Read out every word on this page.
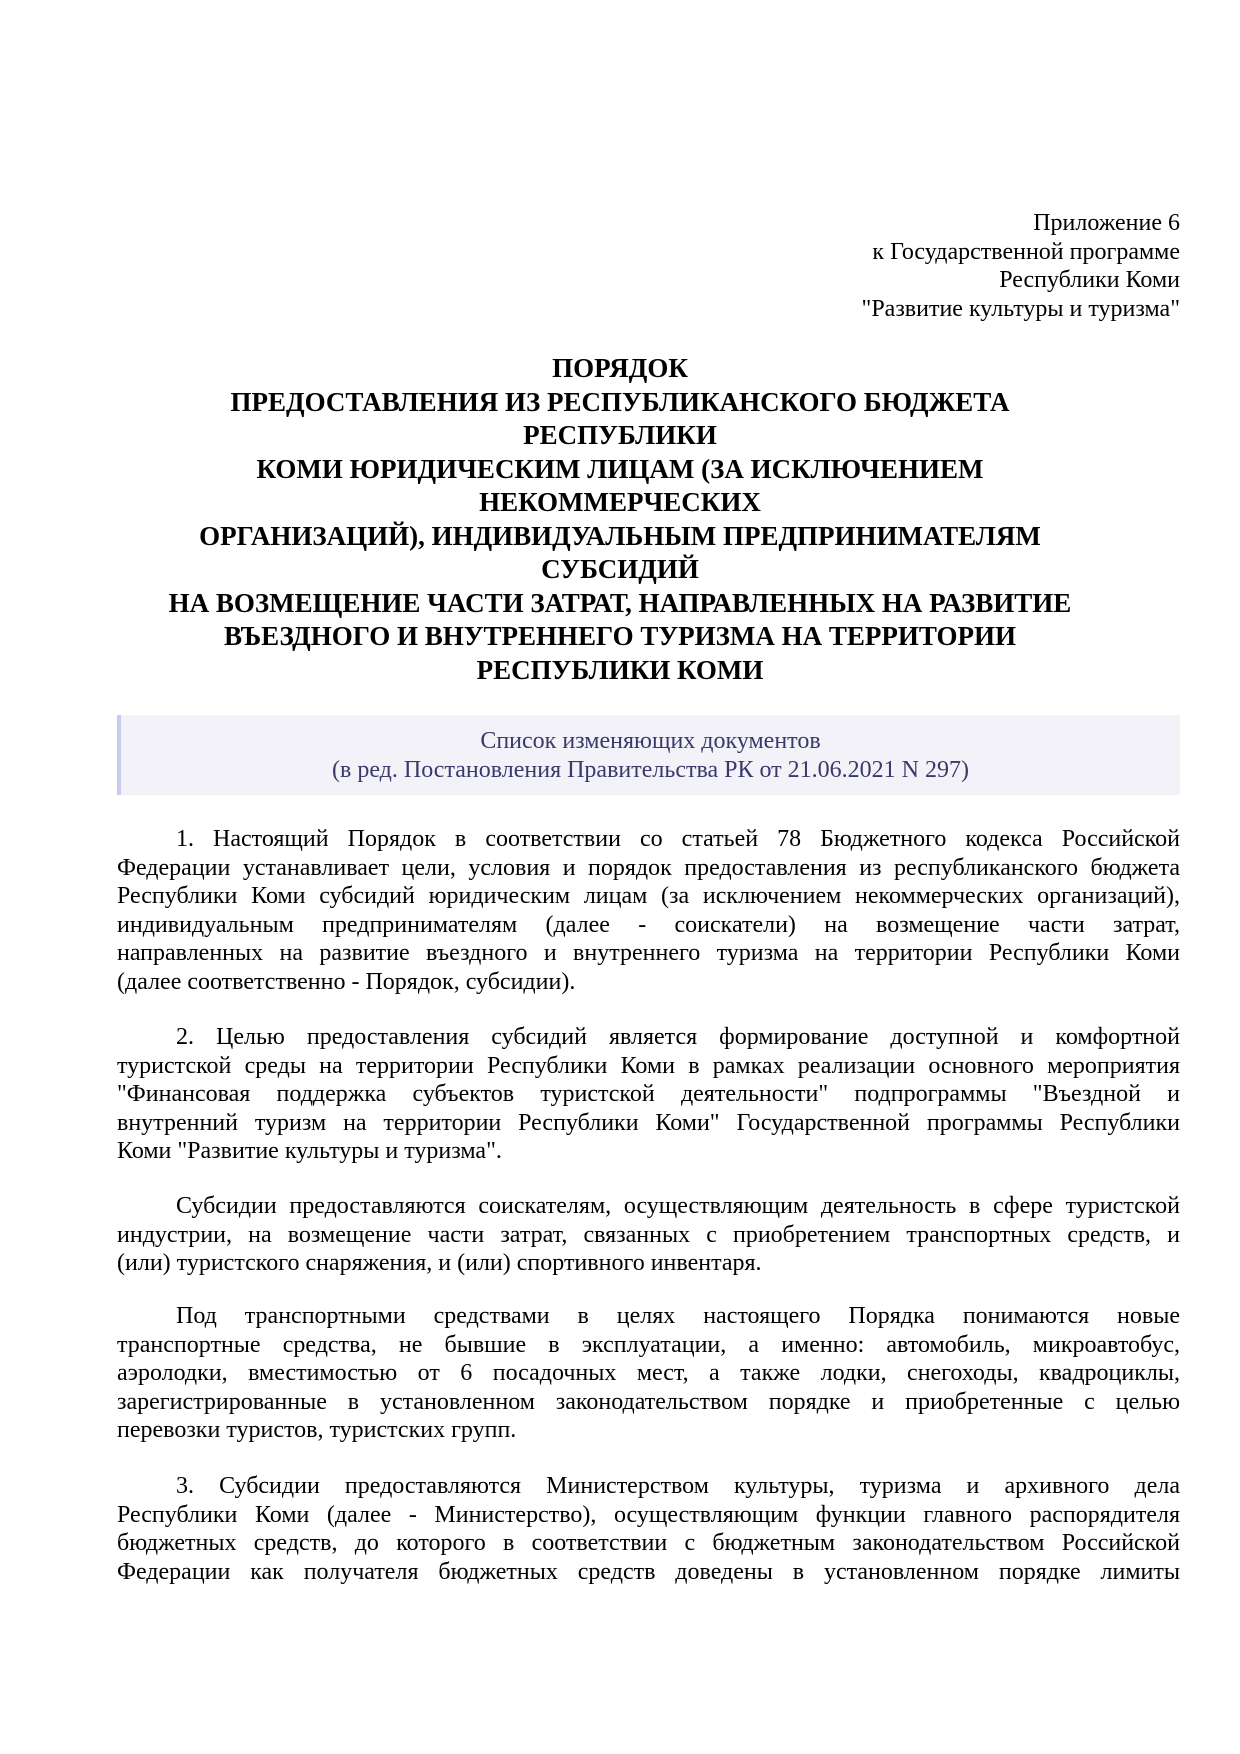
Приложение 6
к Государственной программе
Республики Коми
"Развитие культуры и туризма"
ПОРЯДОК
ПРЕДОСТАВЛЕНИЯ ИЗ РЕСПУБЛИКАНСКОГО БЮДЖЕТА
РЕСПУБЛИКИ
КОМИ ЮРИДИЧЕСКИМ ЛИЦАМ (ЗА ИСКЛЮЧЕНИЕМ
НЕКОММЕРЧЕСКИХ
ОРГАНИЗАЦИЙ), ИНДИВИДУАЛЬНЫМ ПРЕДПРИНИМАТЕЛЯМ
СУБСИДИЙ
НА ВОЗМЕЩЕНИЕ ЧАСТИ ЗАТРАТ, НАПРАВЛЕННЫХ НА РАЗВИТИЕ
ВЪЕЗДНОГО И ВНУТРЕННЕГО ТУРИЗМА НА ТЕРРИТОРИИ
РЕСПУБЛИКИ КОМИ
Список изменяющих документов
(в ред. Постановления Правительства РК от 21.06.2021 N 297)
1. Настоящий Порядок в соответствии со статьей 78 Бюджетного кодекса Российской
Федерации устанавливает цели, условия и порядок предоставления из республиканского бюджета
Республики Коми субсидий юридическим лицам (за исключением некоммерческих организаций),
индивидуальным предпринимателям (далее - соискатели) на возмещение части затрат,
направленных на развитие въездного и внутреннего туризма на территории Республики Коми
(далее соответственно - Порядок, субсидии).
2. Целью предоставления субсидий является формирование доступной и комфортной
туристской среды на территории Республики Коми в рамках реализации основного мероприятия
"Финансовая поддержка субъектов туристской деятельности" подпрограммы "Въездной и
внутренний туризм на территории Республики Коми" Государственной программы Республики
Коми "Развитие культуры и туризма".
Субсидии предоставляются соискателям, осуществляющим деятельность в сфере туристской
индустрии, на возмещение части затрат, связанных с приобретением транспортных средств, и
(или) туристского снаряжения, и (или) спортивного инвентаря.
Под транспортными средствами в целях настоящего Порядка понимаются новые
транспортные средства, не бывшие в эксплуатации, а именно: автомобиль, микроавтобус,
аэролодки, вместимостью от 6 посадочных мест, а также лодки, снегоходы, квадроциклы,
зарегистрированные в установленном законодательством порядке и приобретенные с целью
перевозки туристов, туристских групп.
3. Субсидии предоставляются Министерством культуры, туризма и архивного дела
Республики Коми (далее - Министерство), осуществляющим функции главного распорядителя
бюджетных средств, до которого в соответствии с бюджетным законодательством Российской
Федерации как получателя бюджетных средств доведены в установленном порядке лимиты
